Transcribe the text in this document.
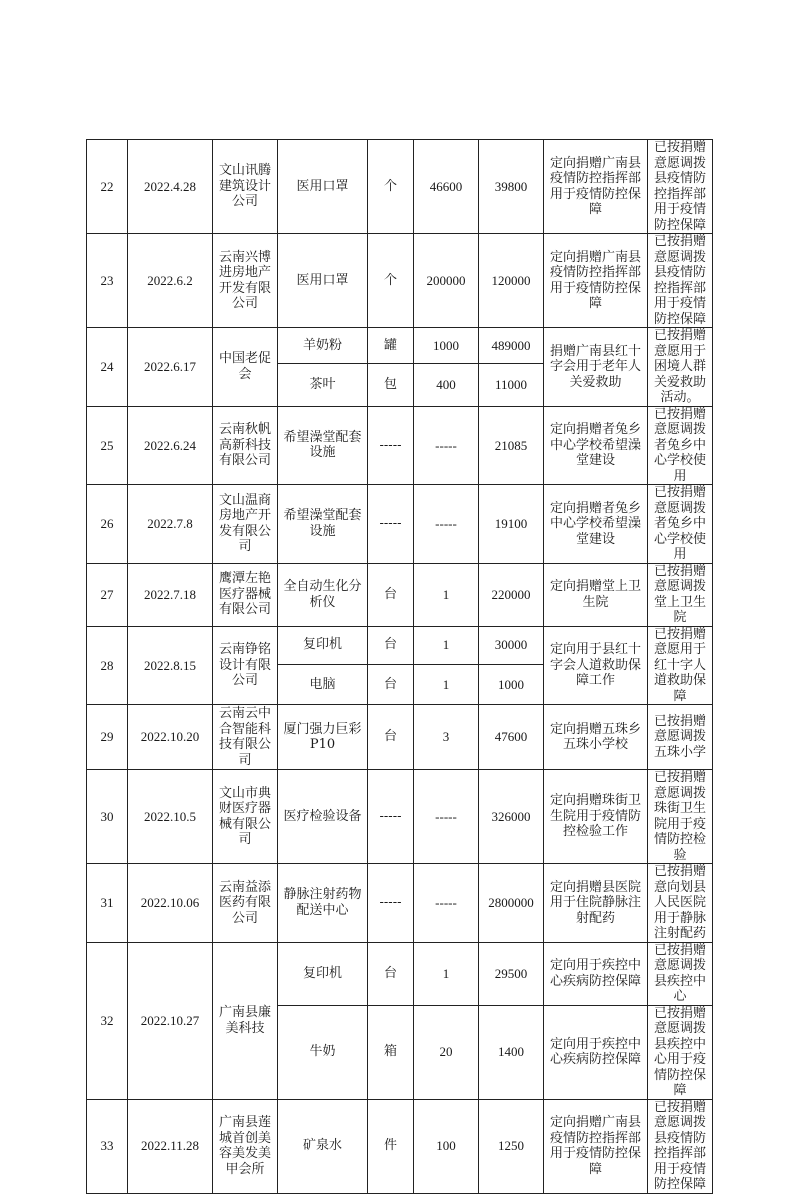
22	2022.4.28	文山讯腾建筑设计公司	医用口罩	个	46600	39800	定向捐赠广南县疫情防控指挥部用于疫情防控保障	已按捐赠意愿调拨县疫情防控指挥部用于疫情防控保障
23	2022.6.2	云南兴博进房地产开发有限公司	医用口罩	个	200000	120000	定向捐赠广南县疫情防控指挥部用于疫情防控保障	已按捐赠意愿调拨县疫情防控指挥部用于疫情防控保障
24	2022.6.17	中国老促会	羊奶粉	罐	1000	489000	捐赠广南县红十字会用于老年人关爱救助	已按捐赠意愿用于困境人群关爱救助活动。
			茶叶	包	400	11000		
25	2022.6.24	云南秋帆高新科技有限公司	希望澡堂配套设施	-----	-----	21085	定向捐赠者兔乡中心学校希望澡堂建设	已按捐赠意愿调拨者兔乡中心学校使用
26	2022.7.8	文山温商房地产开发有限公司	希望澡堂配套设施	-----	-----	19100	定向捐赠者兔乡中心学校希望澡堂建设	已按捐赠意愿调拨者兔乡中心学校使用
27	2022.7.18	鹰潭左艳医疗器械有限公司	全自动生化分析仪	台	1	220000	定向捐赠堂上卫生院	已按捐赠意愿调拨堂上卫生院
28	2022.8.15	云南铮铭设计有限公司	复印机	台	1	30000	定向用于县红十字会人道救助保障工作	已按捐赠意愿用于红十字人道救助保障
			电脑	台	1	1000		
29	2022.10.20	云南云中合智能科技有限公司	厦门强力巨彩P10	台	3	47600	定向捐赠五珠乡五珠小学校	已按捐赠意愿调拨五珠小学
30	2022.10.5	文山市典财医疗器械有限公司	医疗检验设备	-----	-----	326000	定向捐赠珠街卫生院用于疫情防控检验工作	已按捐赠意愿调拨珠街卫生院用于疫情防控检验
31	2022.10.06	云南益添医药有限公司	静脉注射药物配送中心	-----	-----	2800000	定向捐赠县医院用于住院静脉注射配药	已按捐赠意向划县人民医院用于静脉注射配药
32	2022.10.27	广南县廉美科技	复印机	台	1	29500	定向用于疾控中心疾病防控保障	已按捐赠意愿调拨县疾控中心
			牛奶	箱	20	1400	定向用于疾控中心疾病防控保障	已按捐赠意愿调拨县疾控中心用于疫情防控保障
33	2022.11.28	广南县莲城首创美容美发美甲会所	矿泉水	件	100	1250	定向捐赠广南县疫情防控指挥部用于疫情防控保障	已按捐赠意愿调拨县疫情防控指挥部用于疫情防控保障
